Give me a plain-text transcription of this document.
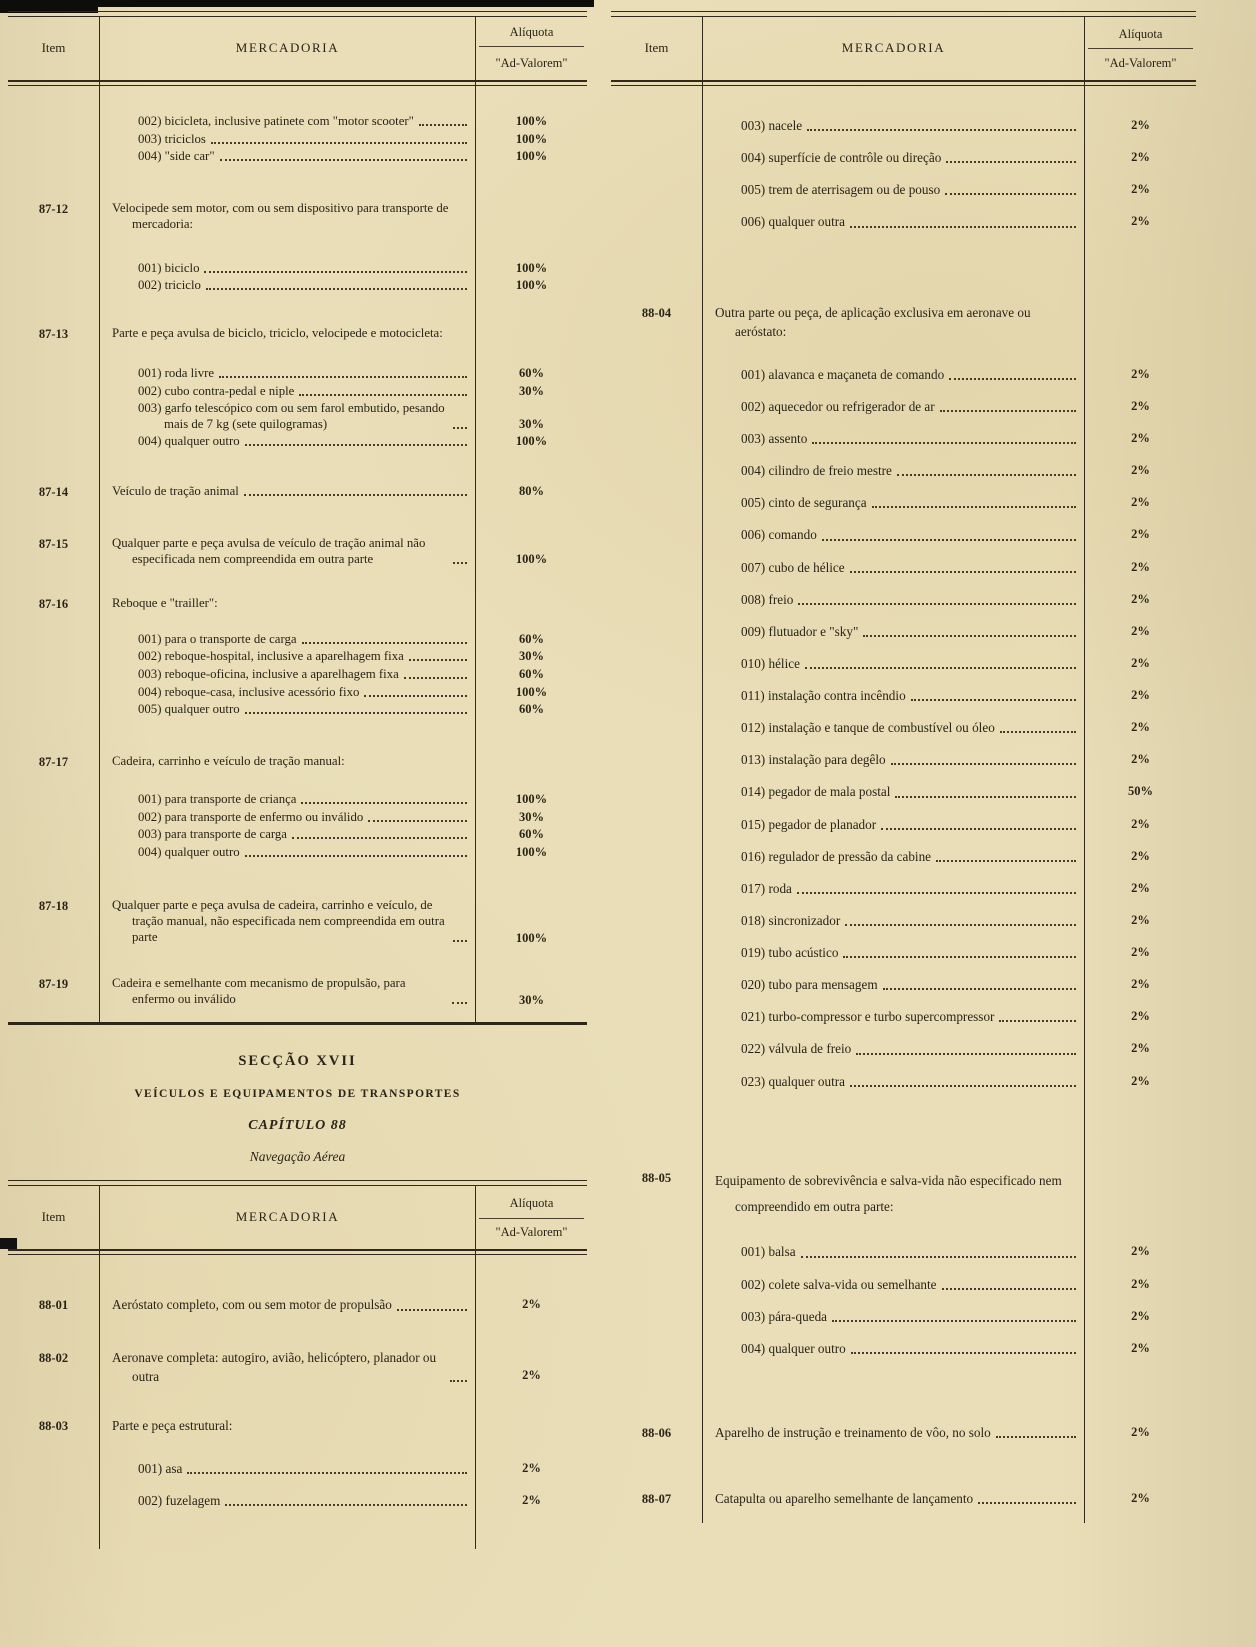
Item	MERCADORIA
Alíquota
"Ad-Valorem"
002) bicicleta, inclusive patinete com "motor scooter"	100%
003) triciclos	100%
004) "side car"	100%
87-12	Velocipede sem motor, com ou sem dispositivo para transporte de mercadoria:
001) biciclo	100%
002) triciclo	100%
87-13	Parte e peça avulsa de biciclo, triciclo, velocipede e motocicleta:
001) roda livre	60%
002) cubo contra-pedal e niple	30%
003) garfo telescópico com ou sem farol embutido, pesando mais de 7 kg (sete quilogramas)	30%
004) qualquer outro	100%
87-14	Veículo de tração animal	80%
87-15	Qualquer parte e peça avulsa de veículo de tração animal não especificada nem compreendida em outra parte	100%
87-16	Reboque e "trailler":
001) para o transporte de carga	60%
002) reboque-hospital, inclusive a aparelhagem fixa	30%
003) reboque-oficina, inclusive a aparelhagem fixa	60%
004) reboque-casa, inclusive acessório fixo	100%
005) qualquer outro	60%
87-17	Cadeira, carrinho e veículo de tração manual:
001) para transporte de criança	100%
002) para transporte de enfermo ou inválido	30%
003) para transporte de carga	60%
004) qualquer outro	100%
87-18	Qualquer parte e peça avulsa de cadeira, carrinho e veículo, de tração manual, não especificada nem compreendida em outra parte	100%
87-19	Cadeira e semelhante com mecanismo de propulsão, para enfermo ou inválido	30%
SECÇÃO XVII
VEÍCULOS E EQUIPAMENTOS DE TRANSPORTES
CAPÍTULO 88
Navegação Aérea
Item	MERCADORIA
Alíquota
"Ad-Valorem"
88-01	Aeróstato completo, com ou sem motor de propulsão	2%
88-02	Aeronave completa: autogiro, avião, helicóptero, planador ou outra	2%
88-03	Parte e peça estrutural:
001) asa	2%
002) fuzelagem	2%
Item	MERCADORIA
Alíquota
"Ad-Valorem"
003) nacele	2%
004) superfície de contrôle ou direção	2%
005) trem de aterrisagem ou de pouso	2%
006) qualquer outra	2%
88-04	Outra parte ou peça, de aplicação exclusiva em aeronave ou aeróstato:
001) alavanca e maçaneta de comando	2%
002) aquecedor ou refrigerador de ar	2%
003) assento	2%
004) cilindro de freio mestre	2%
005) cinto de segurança	2%
006) comando	2%
007) cubo de hélice	2%
008) freio	2%
009) flutuador e "sky"	2%
010) hélice	2%
011) instalação contra incêndio	2%
012) instalação e tanque de combustível ou óleo	2%
013) instalação para degêlo	2%
014) pegador de mala postal	50%
015) pegador de planador	2%
016) regulador de pressão da cabine	2%
017) roda	2%
018) sincronizador	2%
019) tubo acústico	2%
020) tubo para mensagem	2%
021) turbo-compressor e turbo supercompressor	2%
022) válvula de freio	2%
023) qualquer outra	2%
88-05	Equipamento de sobrevivência e salva-vida não especificado nem compreendido em outra parte:
001) balsa	2%
002) colete salva-vida ou semelhante	2%
003) pára-queda	2%
004) qualquer outro	2%
88-06	Aparelho de instrução e treinamento de vôo, no solo	2%
88-07	Catapulta ou aparelho semelhante de lançamento	2%
